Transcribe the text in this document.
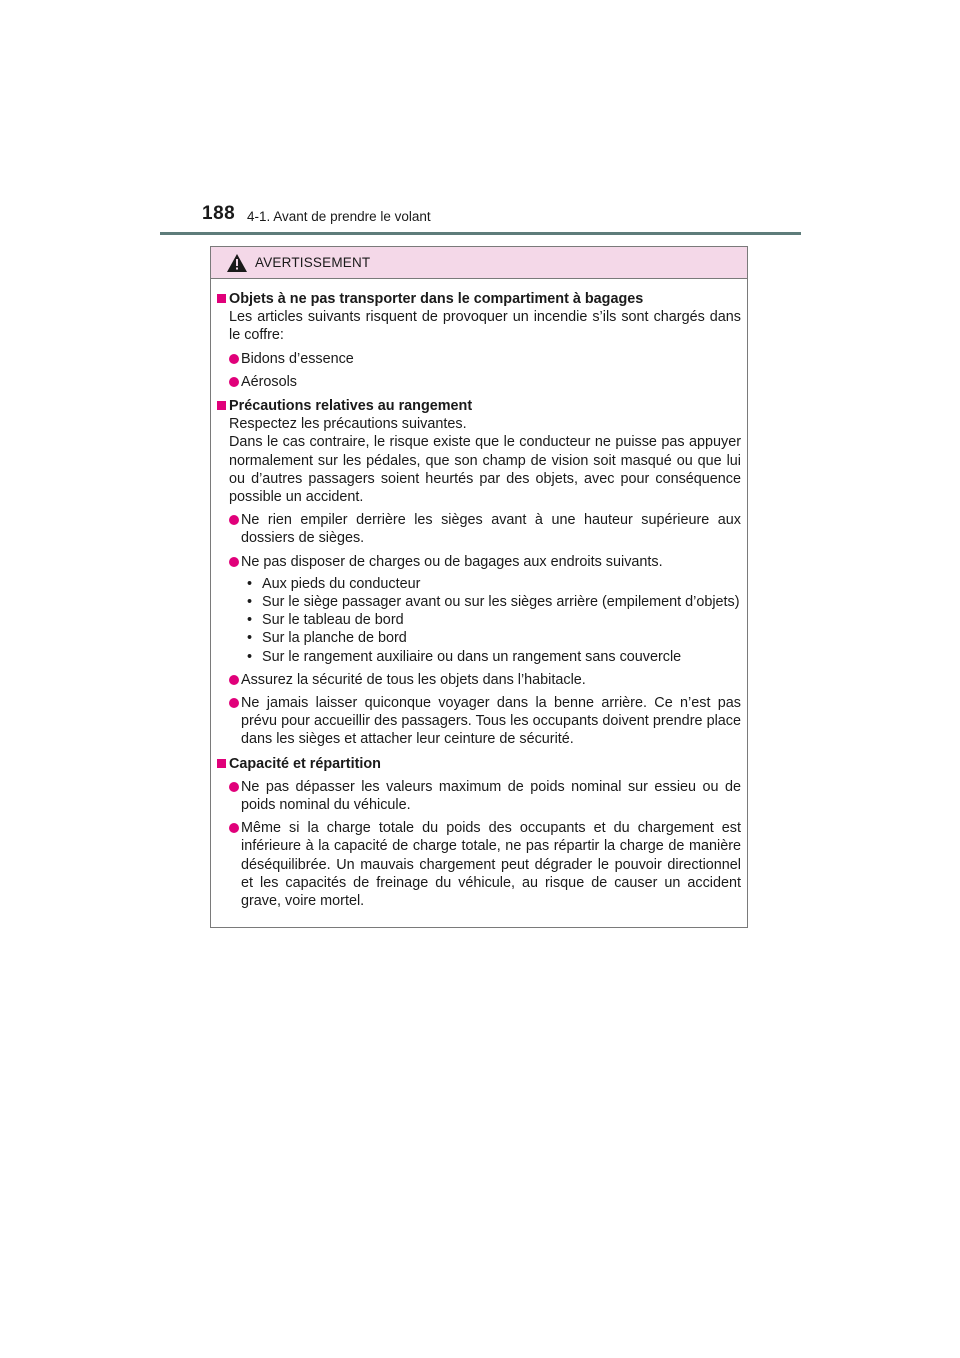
188 4-1. Avant de prendre le volant
AVERTISSEMENT
Objets à ne pas transporter dans le compartiment à bagages

Les articles suivants risquent de provoquer un incendie s’ils sont chargés dans le coffre:

Bidons d’essence
Aérosols
Précautions relatives au rangement

Respectez les précautions suivantes.

Dans le cas contraire, le risque existe que le conducteur ne puisse pas appuyer normalement sur les pédales, que son champ de vision soit masqué ou que lui ou d’autres passagers soient heurtés par des objets, avec pour conséquence possible un accident.

Ne rien empiler derrière les sièges avant à une hauteur supérieure aux dossiers de sièges.
Ne pas disposer de charges ou de bagages aux endroits suivants.
• Aux pieds du conducteur
• Sur le siège passager avant ou sur les sièges arrière (empilement d’objets)
• Sur le tableau de bord
• Sur la planche de bord
• Sur le rangement auxiliaire ou dans un rangement sans couvercle
Assurez la sécurité de tous les objets dans l’habitacle.
Ne jamais laisser quiconque voyager dans la benne arrière. Ce n’est pas prévu pour accueillir des passagers. Tous les occupants doivent prendre place dans les sièges et attacher leur ceinture de sécurité.
Capacité et répartition
Ne pas dépasser les valeurs maximum de poids nominal sur essieu ou de poids nominal du véhicule.
Même si la charge totale du poids des occupants et du chargement est inférieure à la capacité de charge totale, ne pas répartir la charge de manière déséquilibrée. Un mauvais chargement peut dégrader le pouvoir directionnel et les capacités de freinage du véhicule, au risque de causer un accident grave, voire mortel.
